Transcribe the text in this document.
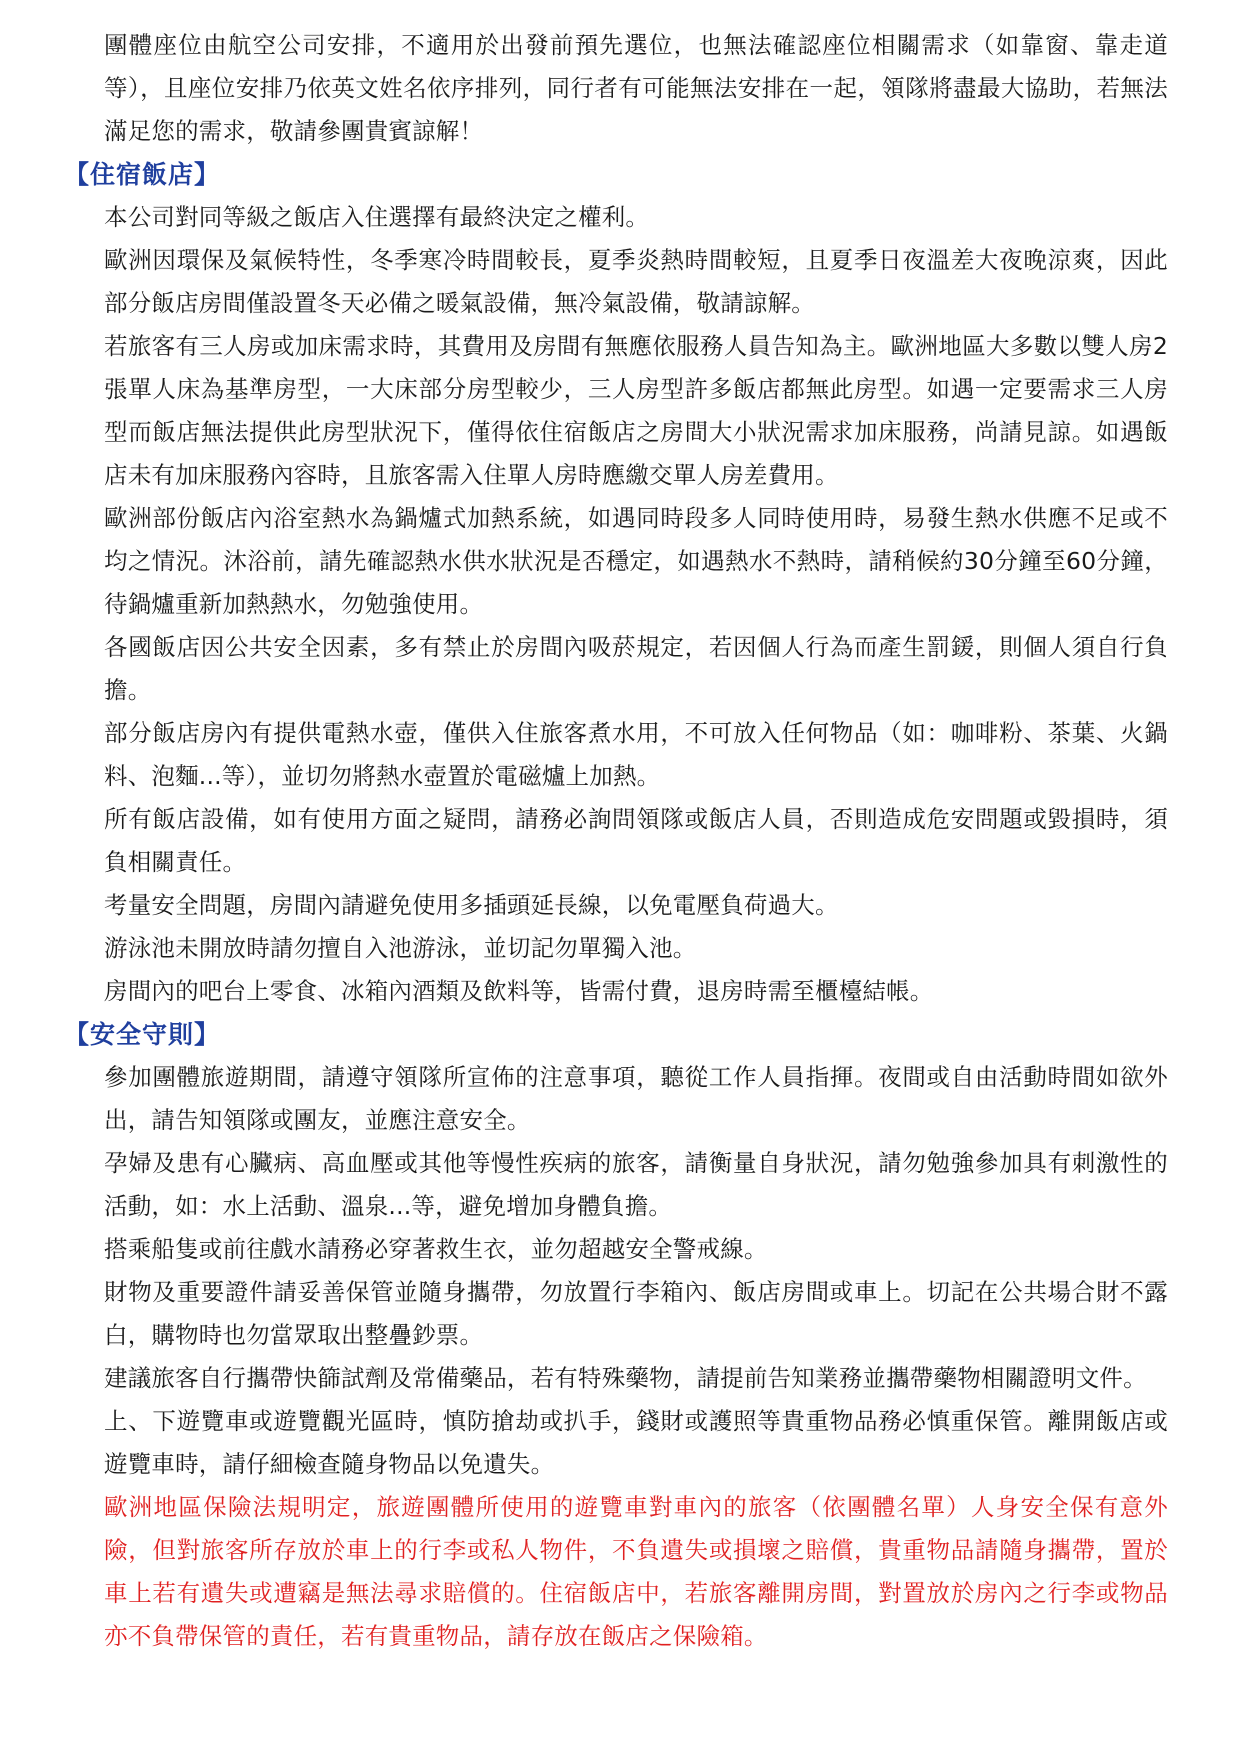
團體座位由航空公司安排，不適用於出發前預先選位，也無法確認座位相關需求（如靠窗、靠走道等），且座位安排乃依英文姓名依序排列，同行者有可能無法安排在一起，領隊將盡最大協助，若無法滿足您的需求，敬請參團貴賓諒解！

【住宿飯店】

本公司對同等級之飯店入住選擇有最終決定之權利。

歐洲因環保及氣候特性，冬季寒冷時間較長，夏季炎熱時間較短，且夏季日夜溫差大夜晚涼爽，因此部分飯店房間僅設置冬天必備之暖氣設備，無冷氣設備，敬請諒解。

若旅客有三人房或加床需求時，其費用及房間有無應依服務人員告知為主。歐洲地區大多數以雙人房2張單人床為基準房型，一大床部分房型較少，三人房型許多飯店都無此房型。如遇一定要需求三人房型而飯店無法提供此房型狀況下，僅得依住宿飯店之房間大小狀況需求加床服務，尚請見諒。如遇飯店未有加床服務內容時，且旅客需入住單人房時應繳交單人房差費用。

歐洲部份飯店內浴室熱水為鍋爐式加熱系統，如遇同時段多人同時使用時，易發生熱水供應不足或不均之情況。沐浴前，請先確認熱水供水狀況是否穩定，如遇熱水不熱時，請稍候約30分鐘至60分鐘，待鍋爐重新加熱熱水，勿勉強使用。

各國飯店因公共安全因素，多有禁止於房間內吸菸規定，若因個人行為而產生罰鍰，則個人須自行負擔。

部分飯店房內有提供電熱水壺，僅供入住旅客煮水用，不可放入任何物品（如：咖啡粉、茶葉、火鍋料、泡麵...等），並切勿將熱水壺置於電磁爐上加熱。

所有飯店設備，如有使用方面之疑問，請務必詢問領隊或飯店人員，否則造成危安問題或毀損時，須負相關責任。

考量安全問題，房間內請避免使用多插頭延長線，以免電壓負荷過大。

游泳池未開放時請勿擅自入池游泳，並切記勿單獨入池。

房間內的吧台上零食、冰箱內酒類及飲料等，皆需付費，退房時需至櫃檯結帳。

【安全守則】

參加團體旅遊期間，請遵守領隊所宣佈的注意事項，聽從工作人員指揮。夜間或自由活動時間如欲外出，請告知領隊或團友，並應注意安全。

孕婦及患有心臟病、高血壓或其他等慢性疾病的旅客，請衡量自身狀況，請勿勉強參加具有刺激性的活動，如：水上活動、溫泉...等，避免增加身體負擔。

搭乘船隻或前往戲水請務必穿著救生衣，並勿超越安全警戒線。

財物及重要證件請妥善保管並隨身攜帶，勿放置行李箱內、飯店房間或車上。切記在公共場合財不露白，購物時也勿當眾取出整疊鈔票。

建議旅客自行攜帶快篩試劑及常備藥品，若有特殊藥物，請提前告知業務並攜帶藥物相關證明文件。

上、下遊覽車或遊覽觀光區時，慎防搶劫或扒手，錢財或護照等貴重物品務必慎重保管。離開飯店或遊覽車時，請仔細檢查隨身物品以免遺失。

歐洲地區保險法規明定，旅遊團體所使用的遊覽車對車內的旅客（依團體名單）人身安全保有意外險，但對旅客所存放於車上的行李或私人物件，不負遺失或損壞之賠償，貴重物品請隨身攜帶，置於車上若有遺失或遭竊是無法尋求賠償的。住宿飯店中，若旅客離開房間，對置放於房內之行李或物品亦不負帶保管的責任，若有貴重物品，請存放在飯店之保險箱。
